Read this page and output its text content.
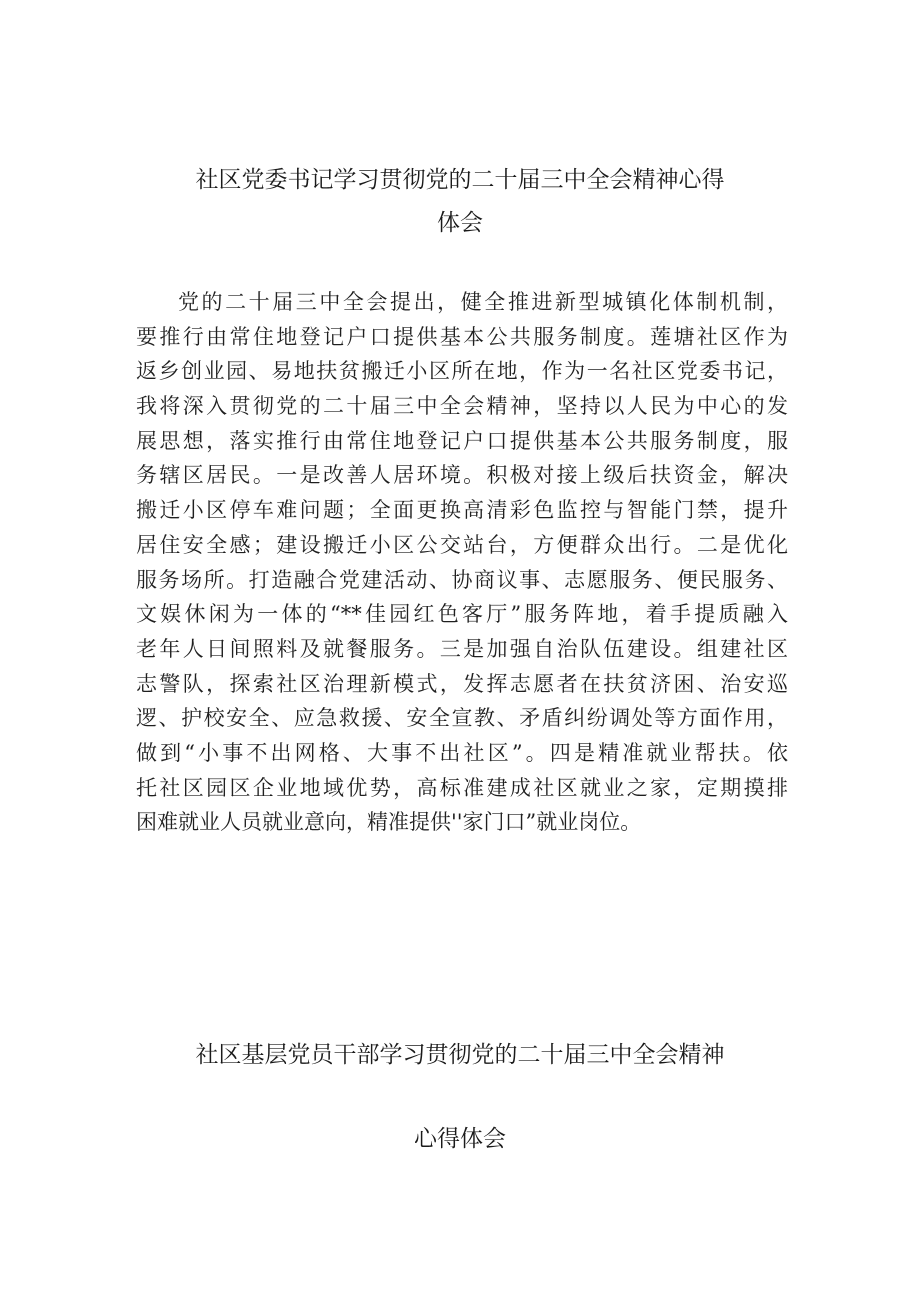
社区党委书记学习贯彻党的二十届三中全会精神心得
体会
党的二十届三中全会提出，健全推进新型城镇化体制机制，
要推行由常住地登记户口提供基本公共服务制度。莲塘社区作为
返乡创业园、易地扶贫搬迁小区所在地，作为一名社区党委书记，
我将深入贯彻党的二十届三中全会精神，坚持以人民为中心的发
展思想，落实推行由常住地登记户口提供基本公共服务制度，服
务辖区居民。一是改善人居环境。积极对接上级后扶资金，解决
搬迁小区停车难问题；全面更换高清彩色监控与智能门禁，提升
居住安全感；建设搬迁小区公交站台，方便群众出行。二是优化
服务场所。打造融合党建活动、协商议事、志愿服务、便民服务、
文娱休闲为一体的“**佳园红色客厅”服务阵地，着手提质融入
老年人日间照料及就餐服务。三是加强自治队伍建设。组建社区
志警队，探索社区治理新模式，发挥志愿者在扶贫济困、治安巡
逻、护校安全、应急救援、安全宣教、矛盾纠纷调处等方面作用，
做到“小事不出网格、大事不出社区”。四是精准就业帮扶。依
托社区园区企业地域优势，高标准建成社区就业之家，定期摸排
困难就业人员就业意向，精准提供''家门口”就业岗位。
社区基层党员干部学习贯彻党的二十届三中全会精神
心得体会
